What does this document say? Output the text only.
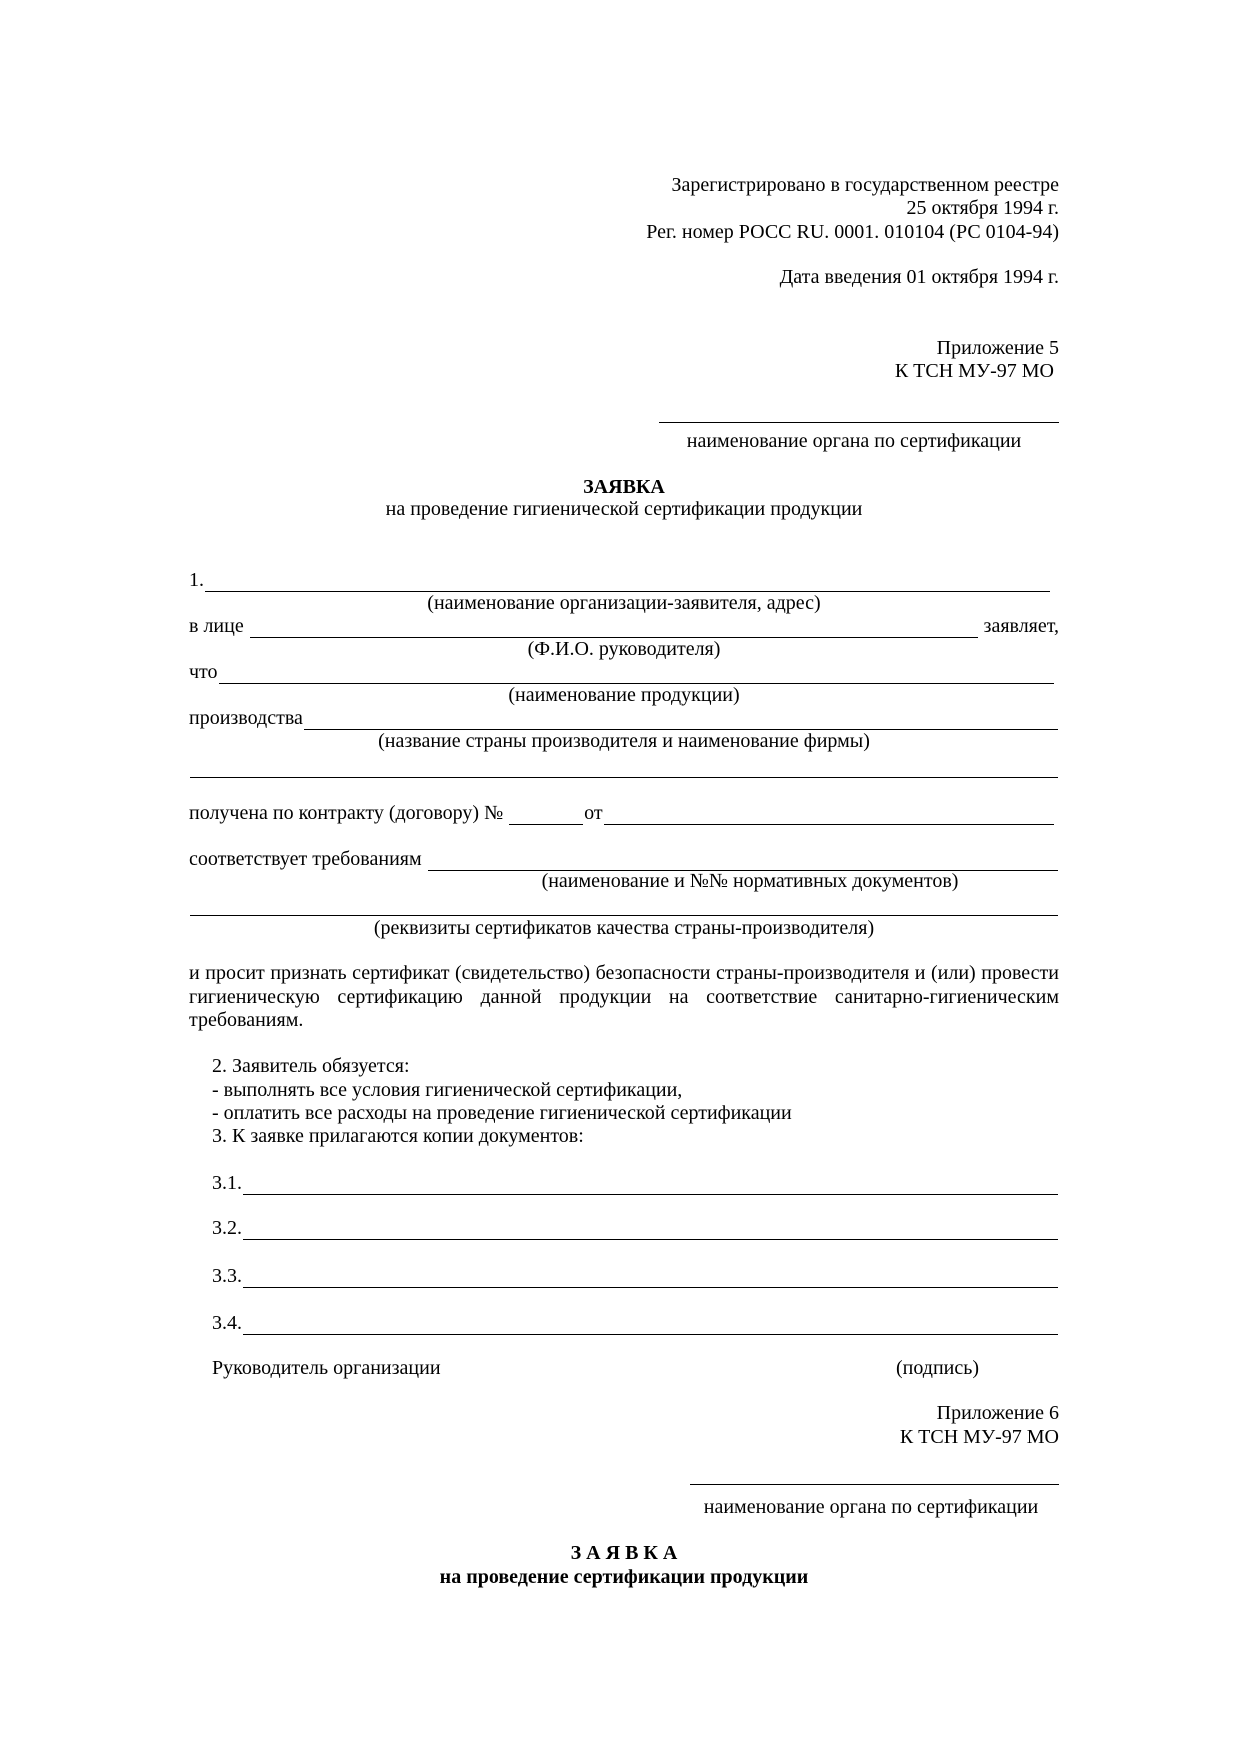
Зарегистрировано в государственном реестре
25 октября 1994 г.
Рег. номер РОСС RU. 0001. 010104 (РС 0104-94)
Дата введения 01 октября 1994 г.
Приложение 5
К ТСН МУ-97 МО
наименование органа по сертификации
ЗАЯВКА
на проведение гигиенической сертификации продукции
1.
(наименование организации-заявителя, адрес)
в лице

	заявляет,
(Ф.И.О. руководителя)
что
(наименование продукции)
производства
(название страны производителя и наименование фирмы)
получена по контракту (договору) №
	от
соответствует требованиям

(наименование и №№ нормативных документов)
(реквизиты сертификатов качества страны-производителя)
и просит признать сертификат (свидетельство) безопасности страны-производителя и (или) провести гигиеническую сертификацию данной продукции на соответствие санитарно-гигиеническим требованиям.
2. Заявитель обязуется:
- выполнять все условия гигиенической сертификации,
- оплатить все расходы на проведение гигиенической сертификации
3. К заявке прилагаются копии документов:
3.1.
3.2.
3.3.
3.4.
Руководитель организации	(подпись)
Приложение 6
К ТСН МУ-97 МО
наименование органа по сертификации
З А Я В К А
на проведение сертификации продукции
